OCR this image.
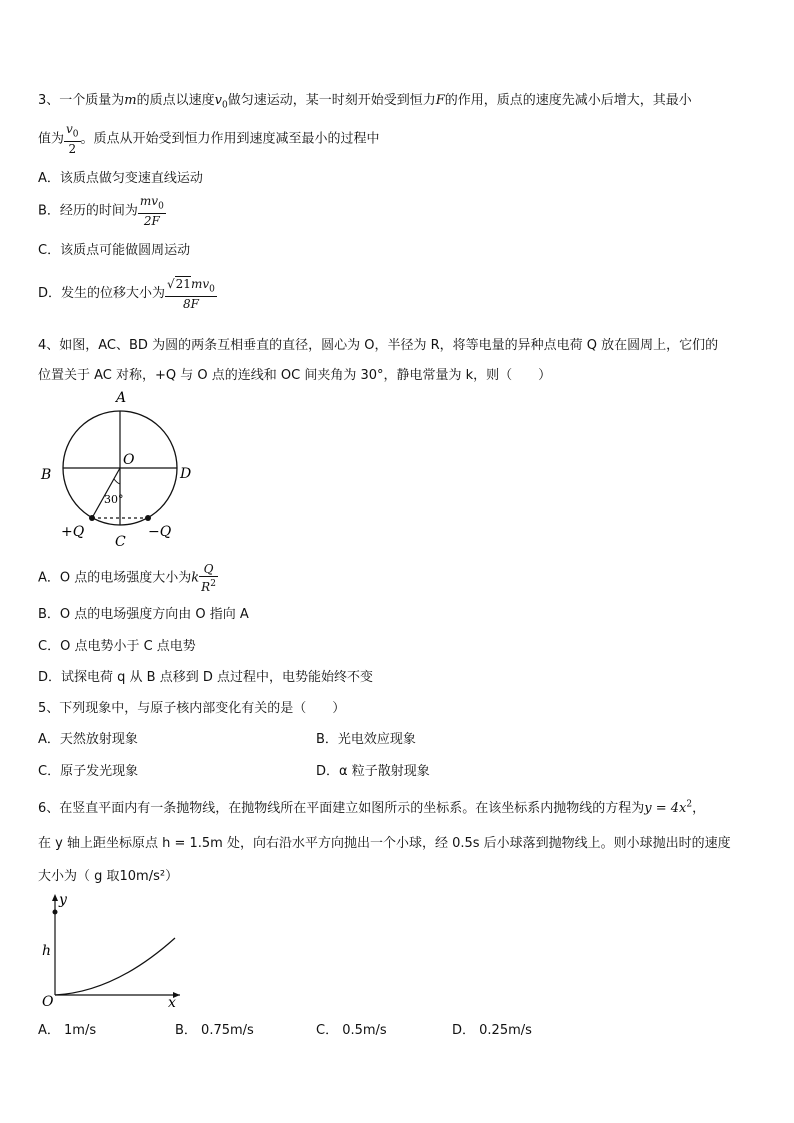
3、一个质量为m的质点以速度$v_0$做匀速运动，某一时刻开始受到恒力F的作用，质点的速度先减小后增大，其最小
值为 $\frac{v_0}{2}$ 。质点从开始受到恒力作用到速度减至最小的过程中
A．该质点做匀变速直线运动
B．经历的时间为 $\frac{mv_0}{2F}$
C．该质点可能做圆周运动
D．发生的位移大小为 $\frac{√21mv_0}{8F}$
4、如图，AC、BD 为圆的两条互相垂直的直径，圆心为 O，半径为 R，将等电量的异种点电荷 Q 放在圆周上，它们的
位置关于 AC 对称，+Q 与 O 点的连线和 OC 间夹角为 30°，静电常量为 k，则（　　）
A
B	D
O
30°
C
+Q	−Q
A．O 点的电场强度大小为k $\frac{Q}{R^2}$
B．O 点的电场强度方向由 O 指向 A
C．O 点电势小于 C 点电势
D．试探电荷 q 从 B 点移到 D 点过程中，电势能始终不变
5、下列现象中，与原子核内部变化有关的是（　　）
A．天然放射现象	B．光电效应现象
C．原子发光现象	D．α 粒子散射现象
6、在竖直平面内有一条抛物线，在抛物线所在平面建立如图所示的坐标系。在该坐标系内抛物线的方程为$y = 4x^2$，
在 y 轴上距坐标原点 h = 1.5m 处，向右沿水平方向抛出一个小球，经 0.5s 后小球落到抛物线上。则小球抛出时的速度
大小为（ g 取10m/s²）
y
h
O	x
A． 1m/s	B． 0.75m/s	C． 0.5m/s	D． 0.25m/s
